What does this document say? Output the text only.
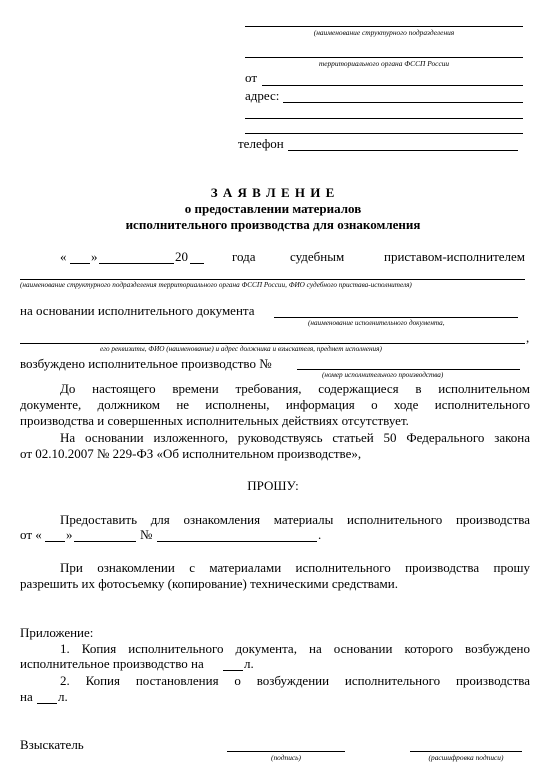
(наименование структурного подразделения
территориального органа ФССП России
от
адрес:
телефон
З А Я В Л Е Н И Е
о предоставлении материалов
исполнительного производства для ознакомления
« »	20	года	судебным	приставом-исполнителем
(наименование структурного подразделения территориального органа ФССП России, ФИО судебного пристава-исполнителя)
на основании исполнительного документа
(наименование исполнительного документа,
,
его реквизиты, ФИО (наименование) и адрес должника и взыскателя, предмет исполнения)
возбуждено исполнительное производство №
(номер исполнительного производства)
До настоящего времени требования, содержащиеся в исполнительном
документе, должником не исполнены, информация о ходе исполнительного
производства и совершенных исполнительных действиях отсутствует.
На основании изложенного, руководствуясь статьей 50 Федерального закона
от 02.10.2007 № 229-ФЗ «Об исполнительном производстве»,
ПРОШУ:
Предоставить для ознакомления материалы исполнительного производства
от « »	№	.
При ознакомлении с материалами исполнительного производства прошу
разрешить их фотосъемку (копирование) техническими средствами.
Приложение:
1. Копия исполнительного документа, на основании которого возбуждено
исполнительное производство на	л.
2. Копия постановления о возбуждении исполнительного производства
на л.
Взыскатель
(подпись)	(расшифровка подписи)
